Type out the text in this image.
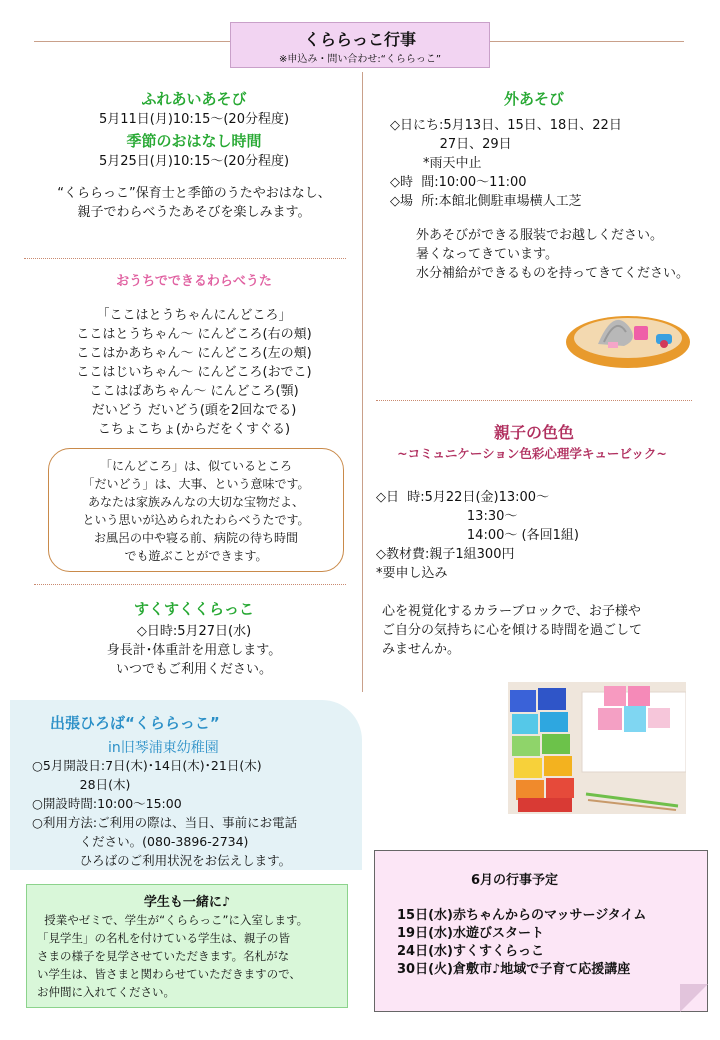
くららっこ行事
※申込み・問い合わせ:“くららっこ”
ふれあいあそび
5月11日(月)10:15～(20分程度)
季節のおはなし時間
5月25日(月)10:15～(20分程度)
“くららっこ”保育士と季節のうたやおはなし、
親子でわらべうたあそびを楽しみます。
おうちでできるわらべうた
「ここはとうちゃんにんどころ」
ここはとうちゃん～ にんどころ(右の頬)
ここはかあちゃん～ にんどころ(左の頬)
ここはじいちゃん～ にんどころ(おでこ)
ここはばあちゃん～ にんどころ(顎)
だいどう だいどう(頭を2回なでる)
こちょこちょ(からだをくすぐる)
「にんどころ」は、似ているところ
「だいどう」は、大事、という意味です。
あなたは家族みんなの大切な宝物だよ、
という思いが込められたわらべうたです。
お風呂の中や寝る前、病院の待ち時間
でも遊ぶことができます。
すくすくくらっこ
◇日時:5月27日(水)
身長計･体重計を用意します。
いつでもご利用ください。
出張ひろば“くららっこ”
in旧琴浦東幼稚園
○5月開設日:7日(木)･14日(木)･21日(木)
28日(木)
○開設時間:10:00～15:00
○利用方法:ご利用の際は、当日、事前にお電話
ください。(080-3896-2734)
ひろばのご利用状況をお伝えします。
学生も一緒に♪
授業やゼミで、学生が“くららっこ”に入室します。
「見学生」の名札を付けている学生は、親子の皆
さまの様子を見学させていただきます。名札がな
い学生は、皆さまと関わらせていただきますので、
お仲間に入れてください。
外あそび
◇日にち:5月13日、15日、18日、22日
27日、29日
*雨天中止
◇時  間:10:00～11:00
◇場  所:本館北側駐車場横人工芝
外あそびができる服装でお越しください。
暑くなってきています。
水分補給ができるものを持ってきてください。
親子の色色
~コミュニケーション色彩心理学キュービック~
◇日  時:5月22日(金)13:00～
13:30～
14:00～ (各回1組)
◇教材費:親子1組300円
*要申し込み
心を視覚化するカラーブロックで、お子様や
ご自分の気持ちに心を傾ける時間を過ごして
みませんか。
6月の行事予定
15日(水)赤ちゃんからのマッサージタイム
19日(水)水遊びスタート
24日(水)すくすくらっこ
30日(火)倉敷市♪地域で子育て応援講座
